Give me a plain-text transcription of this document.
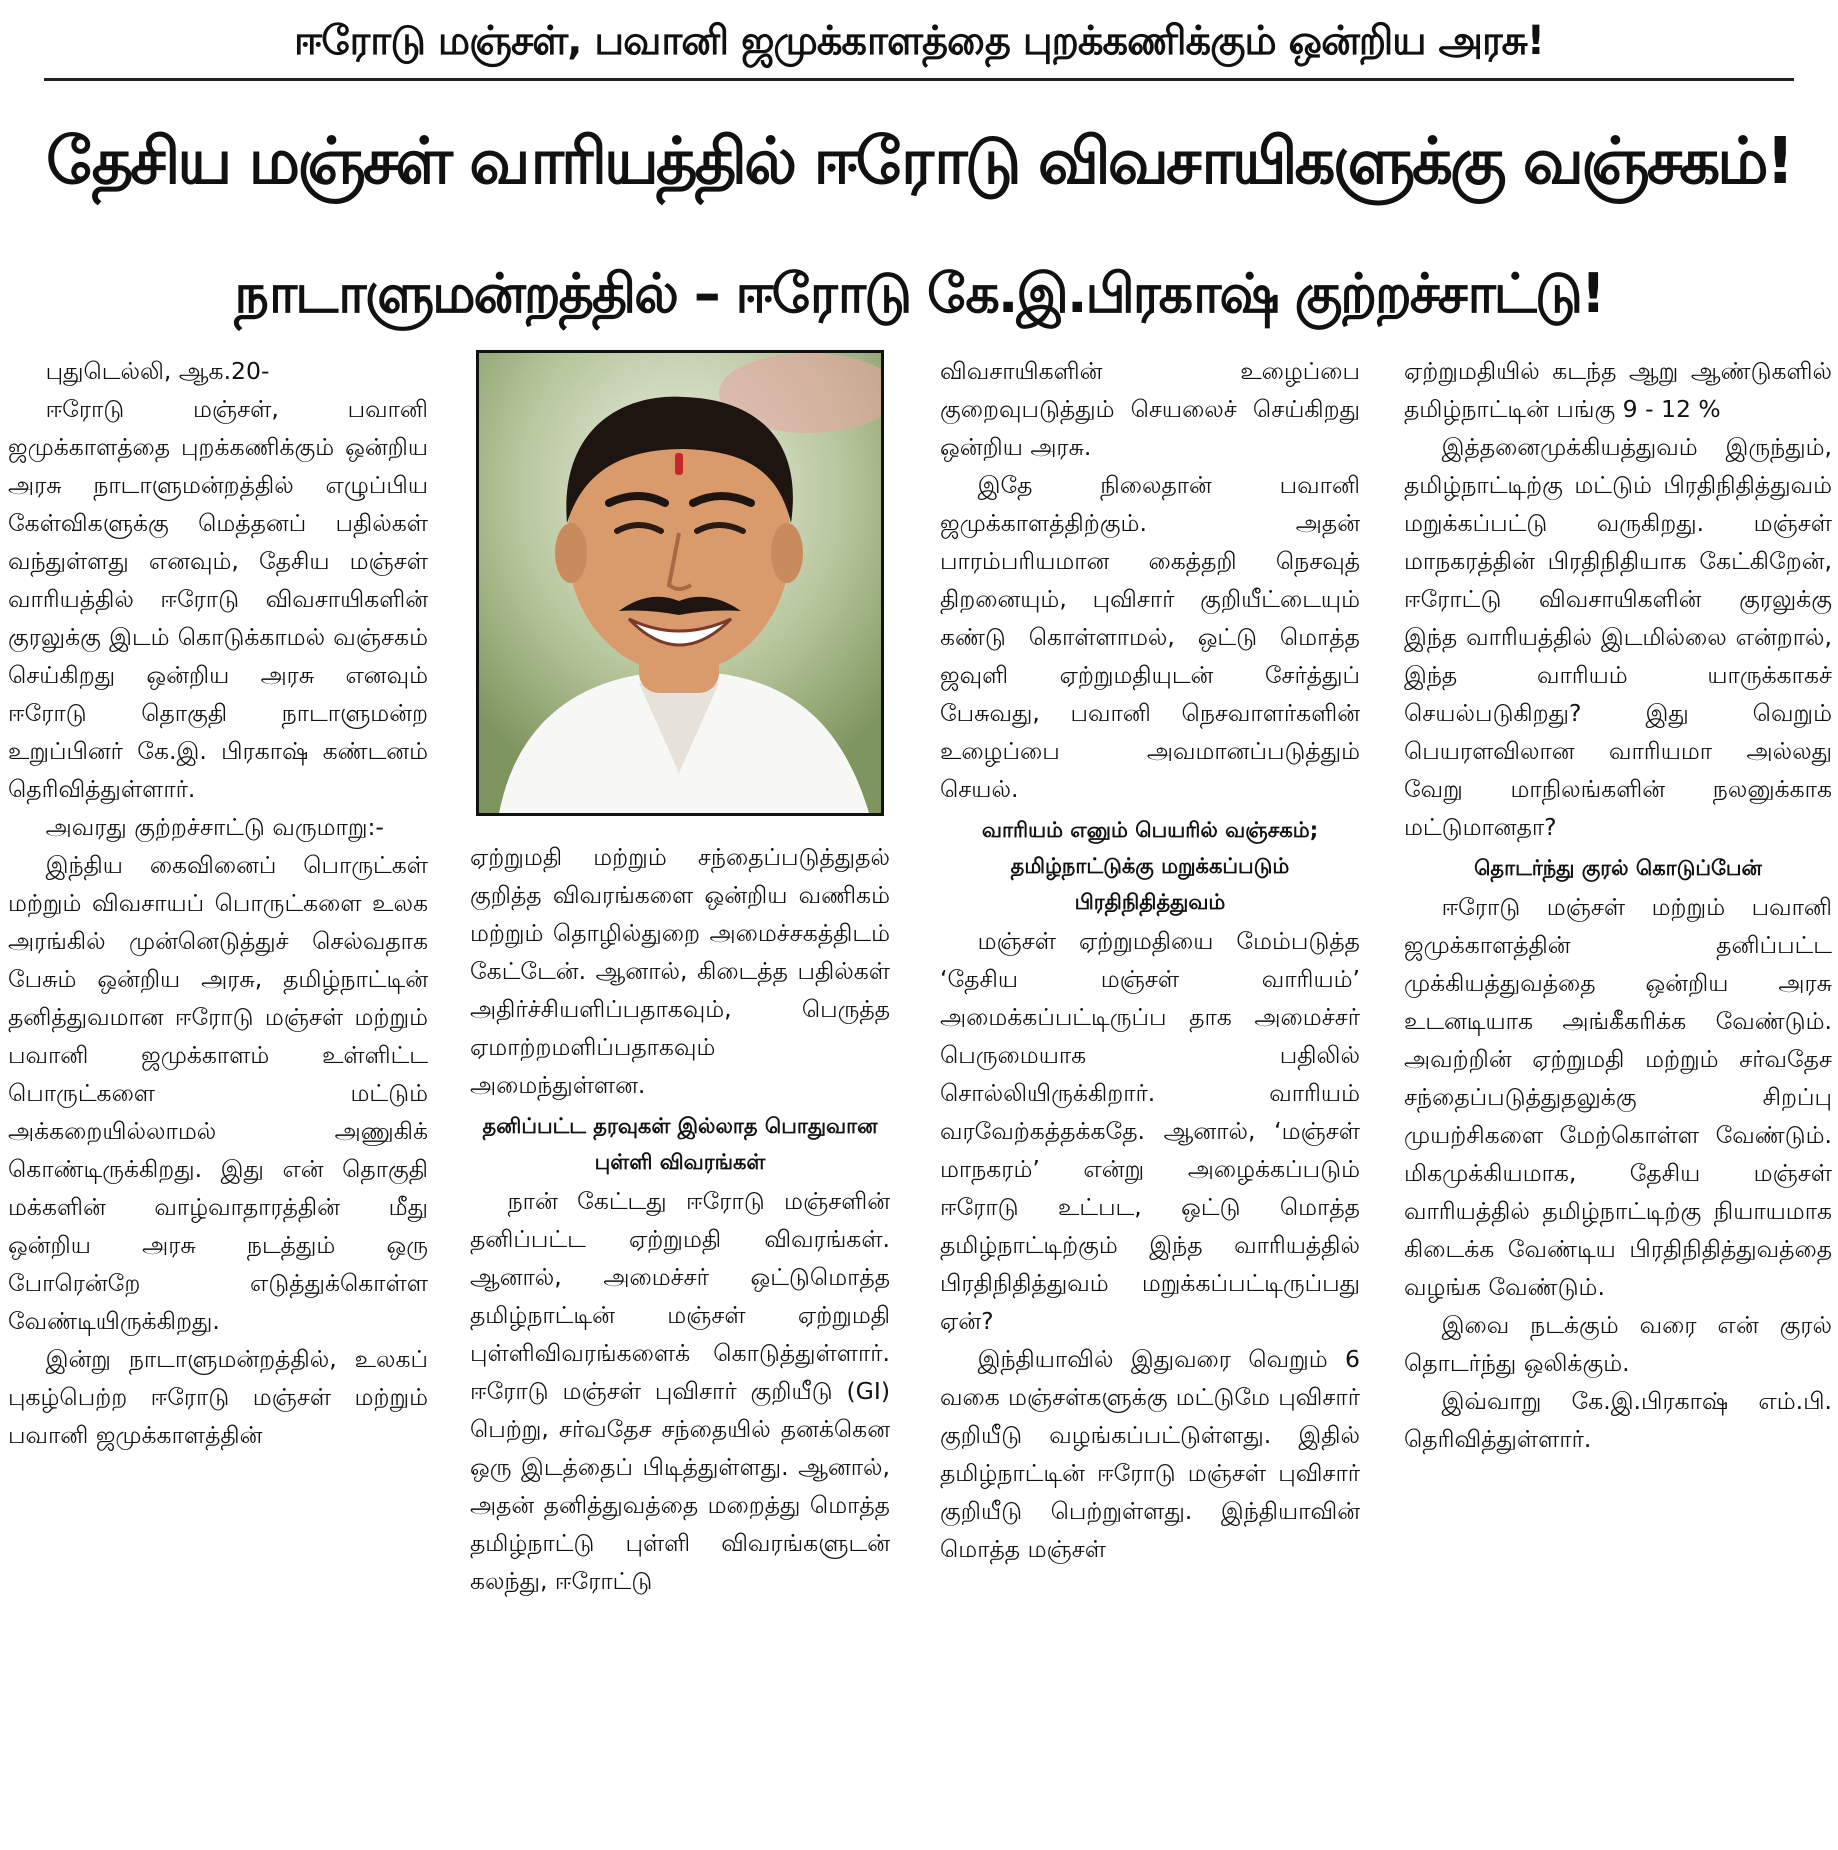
ஈரோடு மஞ்சள், பவானி ஜமுக்காளத்தை புறக்கணிக்கும் ஒன்றிய அரசு!
தேசிய மஞ்சள் வாரியத்தில் ஈரோடு விவசாயிகளுக்கு வஞ்சகம்!
நாடாளுமன்றத்தில் – ஈரோடு கே.இ.பிரகாஷ் குற்றச்சாட்டு!

புதுடெல்லி, ஆக.20-

ஈரோடு மஞ்சள், பவானி ஜமுக்காளத்தை புறக்கணிக்கும் ஒன்றிய அரசு நாடாளுமன்றத்தில் எழுப்பிய கேள்விகளுக்கு மெத்தனப் பதில்கள் வந்துள்ளது எனவும், தேசிய மஞ்சள் வாரியத்தில் ஈரோடு விவசாயிகளின் குரலுக்கு இடம் கொடுக்காமல் வஞ்சகம் செய்கிறது ஒன்றிய அரசு எனவும் ஈரோடு தொகுதி நாடாளுமன்ற உறுப்பினர் கே.இ. பிரகாஷ் கண்டனம் தெரிவித்துள்ளார்.

அவரது குற்றச்சாட்டு வருமாறு:-

இந்திய கைவினைப் பொருட்கள் மற்றும் விவசாயப் பொருட்களை உலக அரங்கில் முன்னெடுத்துச் செல்வதாக பேசும் ஒன்றிய அரசு, தமிழ்நாட்டின் தனித்துவமான ஈரோடு மஞ்சள் மற்றும் பவானி ஜமுக்காளம் உள்ளிட்ட பொருட்களை மட்டும் அக்கறையில்லாமல் அணுகிக் கொண்டிருக்கிறது. இது என் தொகுதி மக்களின் வாழ்வாதாரத்தின் மீது ஒன்றிய அரசு நடத்தும் ஒரு போரென்றே எடுத்துக்கொள்ள வேண்டியிருக்கிறது.

இன்று நாடாளுமன்றத்தில், உலகப் புகழ்பெற்ற ஈரோடு மஞ்சள் மற்றும் பவானி ஜமுக்காளத்தின்

ஏற்றுமதி மற்றும் சந்தைப்படுத்துதல் குறித்த விவரங்களை ஒன்றிய வணிகம் மற்றும் தொழில்துறை அமைச்சகத்திடம் கேட்டேன். ஆனால், கிடைத்த பதில்கள் அதிர்ச்சியளிப்பதாகவும், பெருத்த ஏமாற்றமளிப்பதாகவும் அமைந்துள்ளன.

தனிப்பட்ட தரவுகள் இல்லாத பொதுவான புள்ளி விவரங்கள்

நான் கேட்டது ஈரோடு மஞ்சளின் தனிப்பட்ட ஏற்றுமதி விவரங்கள். ஆனால், அமைச்சர் ஒட்டுமொத்த தமிழ்நாட்டின் மஞ்சள் ஏற்றுமதி புள்ளிவிவரங்களைக் கொடுத்துள்ளார். ஈரோடு மஞ்சள் புவிசார் குறியீடு (GI) பெற்று, சர்வதேச சந்தையில் தனக்கென ஒரு இடத்தைப் பிடித்துள்ளது. ஆனால், அதன் தனித்துவத்தை மறைத்து மொத்த தமிழ்நாட்டு புள்ளி விவரங்களுடன் கலந்து, ஈரோட்டு

விவசாயிகளின் உழைப்பை குறைவுபடுத்தும் செயலைச் செய்கிறது ஒன்றிய அரசு.

இதே நிலைதான் பவானி ஜமுக்காளத்திற்கும். அதன் பாரம்பரியமான கைத்தறி நெசவுத் திறனையும், புவிசார் குறியீட்டையும் கண்டு கொள்ளாமல், ஒட்டு மொத்த ஜவுளி ஏற்றுமதியுடன் சேர்த்துப் பேசுவது, பவானி நெசவாளர்களின் உழைப்பை அவமானப்படுத்தும் செயல்.

வாரியம் எனும் பெயரில் வஞ்சகம்; தமிழ்நாட்டுக்கு மறுக்கப்படும் பிரதிநிதித்துவம்

மஞ்சள் ஏற்றுமதியை மேம்படுத்த ‘தேசிய மஞ்சள் வாரியம்’ அமைக்கப்பட்டிருப்ப தாக அமைச்சர் பெருமையாக பதிலில் சொல்லியிருக்கிறார். வாரியம் வரவேற்கத்தக்கதே. ஆனால், ‘மஞ்சள் மாநகரம்’ என்று அழைக்கப்படும் ஈரோடு உட்பட, ஒட்டு மொத்த தமிழ்நாட்டிற்கும் இந்த வாரியத்தில் பிரதிநிதித்துவம் மறுக்கப்பட்டிருப்பது ஏன்?

இந்தியாவில் இதுவரை வெறும் 6 வகை மஞ்சள்களுக்கு மட்டுமே புவிசார் குறியீடு வழங்கப்பட்டுள்ளது. இதில் தமிழ்நாட்டின் ஈரோடு மஞ்சள் புவிசார் குறியீடு பெற்றுள்ளது. இந்தியாவின் மொத்த மஞ்சள்

ஏற்றுமதியில் கடந்த ஆறு ஆண்டுகளில் தமிழ்நாட்டின் பங்கு 9 - 12 %

இத்தனைமுக்கியத்துவம் இருந்தும், தமிழ்நாட்டிற்கு மட்டும் பிரதிநிதித்துவம் மறுக்கப்பட்டு வருகிறது. மஞ்சள் மாநகரத்தின் பிரதிநிதியாக கேட்கிறேன், ஈரோட்டு விவசாயிகளின் குரலுக்கு இந்த வாரியத்தில் இடமில்லை என்றால், இந்த வாரியம் யாருக்காகச் செயல்படுகிறது? இது வெறும் பெயரளவிலான வாரியமா அல்லது வேறு மாநிலங்களின் நலனுக்காக மட்டுமானதா?

தொடர்ந்து குரல் கொடுப்பேன்

ஈரோடு மஞ்சள் மற்றும் பவானி ஜமுக்காளத்தின் தனிப்பட்ட முக்கியத்துவத்தை ஒன்றிய அரசு உடனடியாக அங்கீகரிக்க வேண்டும். அவற்றின் ஏற்றுமதி மற்றும் சர்வதேச சந்தைப்படுத்துதலுக்கு சிறப்பு முயற்சிகளை மேற்கொள்ள வேண்டும். மிகமுக்கியமாக, தேசிய மஞ்சள் வாரியத்தில் தமிழ்நாட்டிற்கு நியாயமாக கிடைக்க வேண்டிய பிரதிநிதித்துவத்தை வழங்க வேண்டும்.

இவை நடக்கும் வரை என் குரல் தொடர்ந்து ஒலிக்கும்.

இவ்வாறு கே.இ.பிரகாஷ் எம்.பி. தெரிவித்துள்ளார்.
